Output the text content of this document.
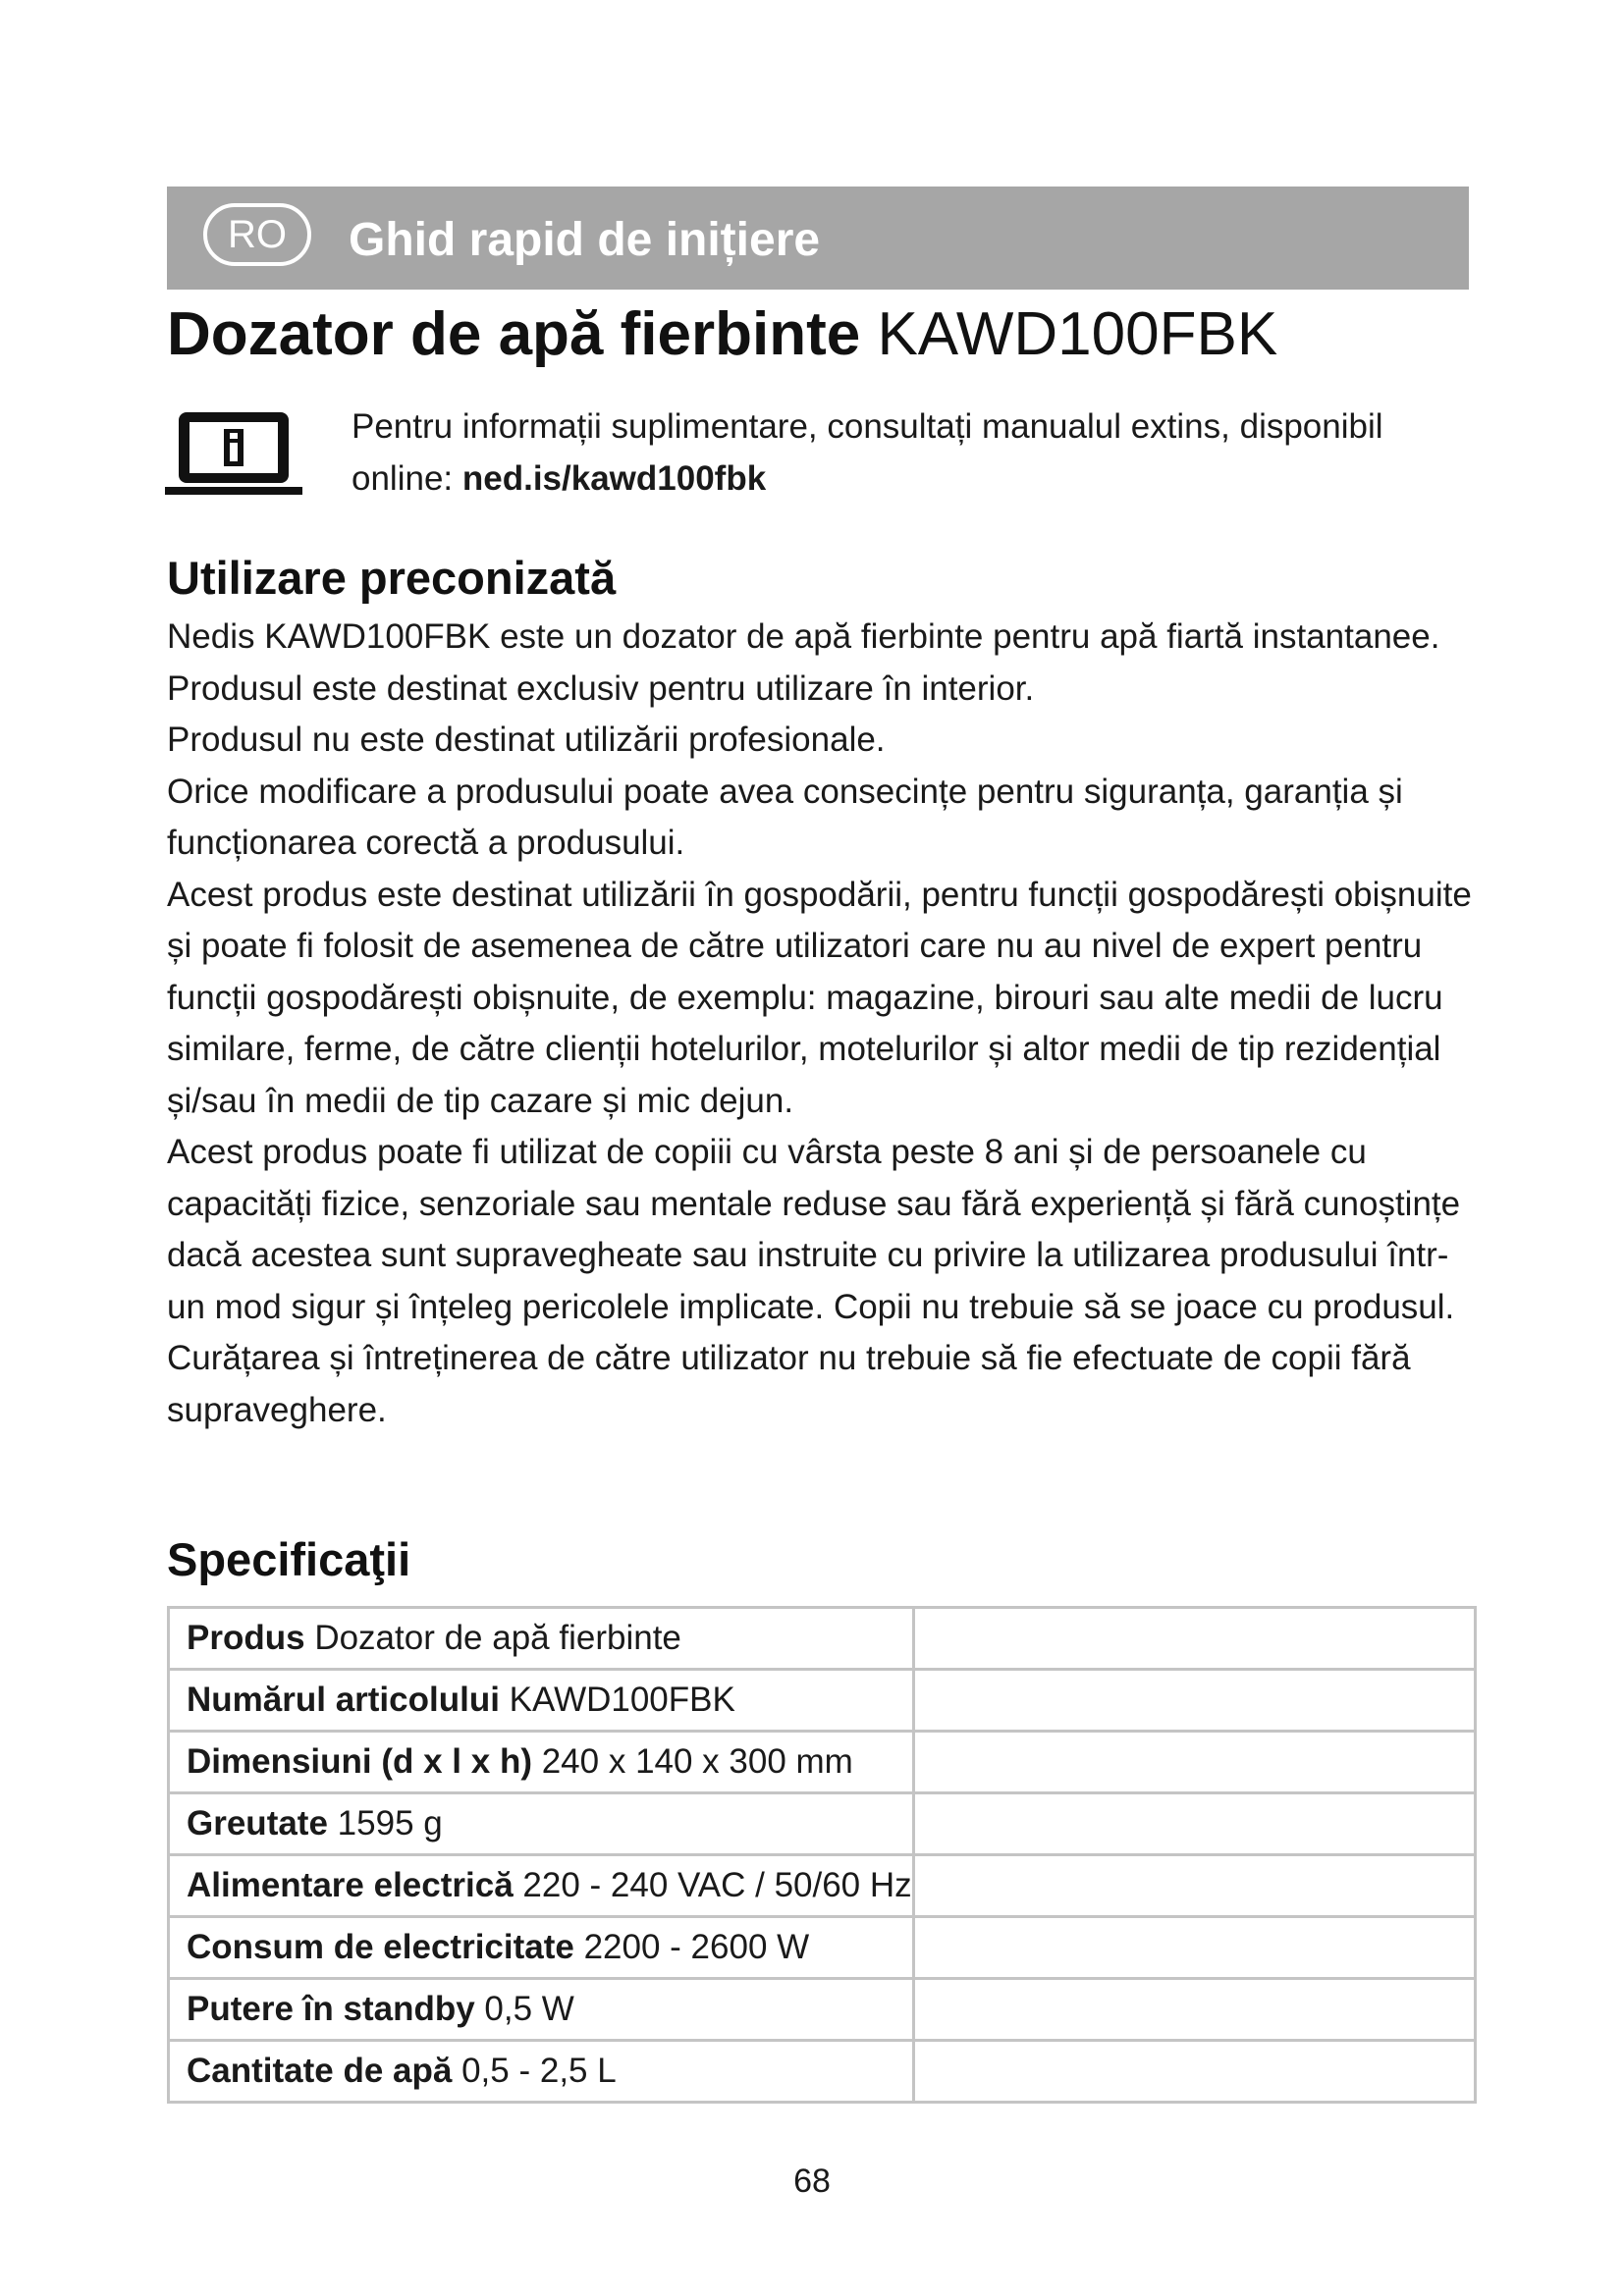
RO	Ghid rapid de inițiere
Dozator de apă fierbinte KAWD100FBK
Pentru informații suplimentare, consultați manualul extins, disponibil online: ned.is/kawd100fbk
Utilizare preconizată

Nedis KAWD100FBK este un dozator de apă fierbinte pentru apă fiartă instantanee.

Produsul este destinat exclusiv pentru utilizare în interior.

Produsul nu este destinat utilizării profesionale.

Orice modificare a produsului poate avea consecințe pentru siguranța, garanția și funcționarea corectă a produsului.

Acest produs este destinat utilizării în gospodării, pentru funcții gospodărești obișnuite și poate fi folosit de asemenea de către utilizatori care nu au nivel de expert pentru funcții gospodărești obișnuite, de exemplu: magazine, birouri sau alte medii de lucru similare, ferme, de către clienții hotelurilor, motelurilor și altor medii de tip rezidențial și/sau în medii de tip cazare și mic dejun.

Acest produs poate fi utilizat de copiii cu vârsta peste 8 ani și de persoanele cu capacități fizice, senzoriale sau mentale reduse sau fără experiență și fără cunoștințe dacă acestea sunt supravegheate sau instruite cu privire la utilizarea produsului într-un mod sigur și înțeleg pericolele implicate. Copii nu trebuie să se joace cu produsul. Curățarea și întreținerea de către utilizator nu trebuie să fie efectuate de copii fără supraveghere.

Specificaţii
Produs Dozator de apă fierbinte	
Numărul articolului KAWD100FBK	
Dimensiuni (d x l x h) 240 x 140 x 300 mm	
Greutate 1595 g	
Alimentare electrică 220 - 240 VAC / 50/60 Hz	
Consum de electricitate 2200 - 2600 W	
Putere în standby 0,5 W	
Cantitate de apă 0,5 - 2,5 L	
68
